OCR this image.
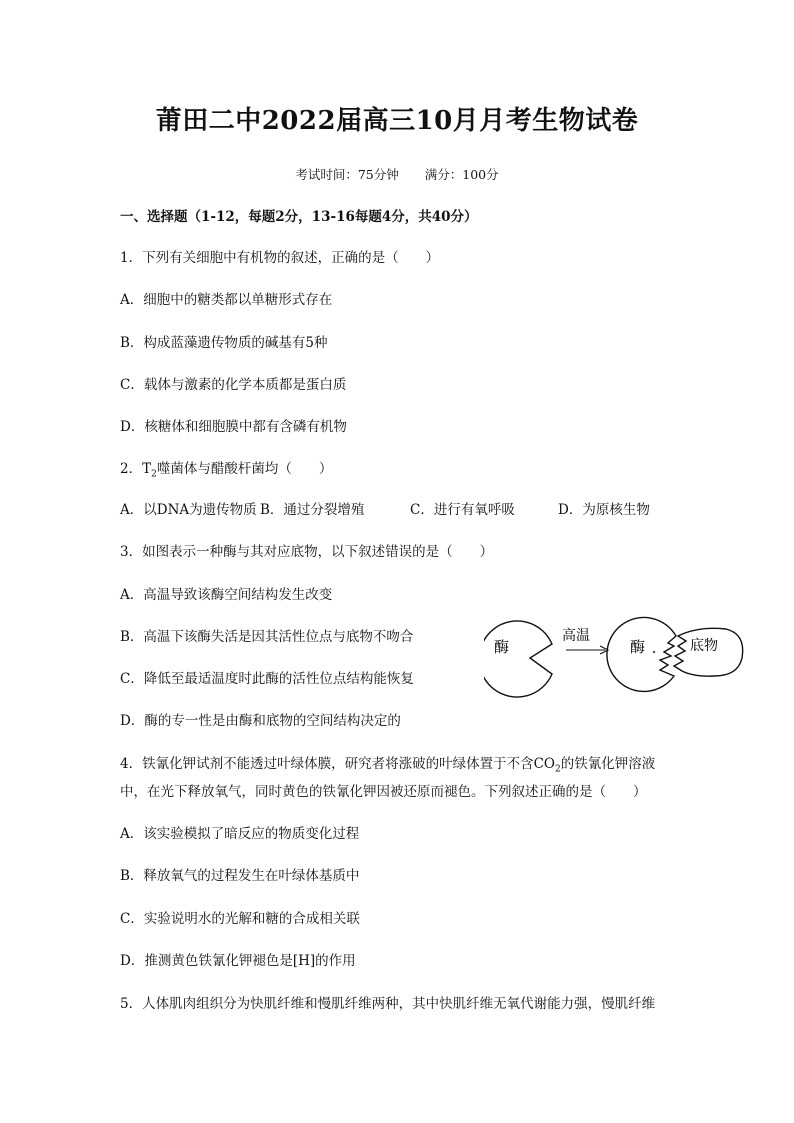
莆田二中2022届高三10月月考生物试卷
考试时间：75分钟 满分：100分
一、选择题（1-12，每题2分，13-16每题4分，共40分）
1．下列有关细胞中有机物的叙述，正确的是（　　）
A．细胞中的糖类都以单糖形式存在
B．构成蓝藻遗传物质的碱基有5种
C．载体与激素的化学本质都是蛋白质
D．核糖体和细胞膜中都有含磷有机物
2．$T_2$噬菌体与醋酸杆菌均（　　）
A．以DNA为遗传物质 B．通过分裂增殖	C．进行有氧呼吸	D．为原核生物
3．如图表示一种酶与其对应底物，以下叙述错误的是（　　）
A．高温导致该酶空间结构发生改变
B．高温下该酶失活是因其活性位点与底物不吻合
C．降低至最适温度时此酶的活性位点结构能恢复
D．酶的专一性是由酶和底物的空间结构决定的
酶
高温
酶	底物
4．铁氰化钾试剂不能透过叶绿体膜，研究者将涨破的叶绿体置于不含$CO_2$的铁氰化钾溶液
中，在光下释放氧气，同时黄色的铁氰化钾因被还原而褪色。下列叙述正确的是（　　）
A．该实验模拟了暗反应的物质变化过程
B．释放氧气的过程发生在叶绿体基质中
C．实验说明水的光解和糖的合成相关联
D．推测黄色铁氰化钾褪色是[H]的作用
5．人体肌肉组织分为快肌纤维和慢肌纤维两种，其中快肌纤维无氧代谢能力强，慢肌纤维
